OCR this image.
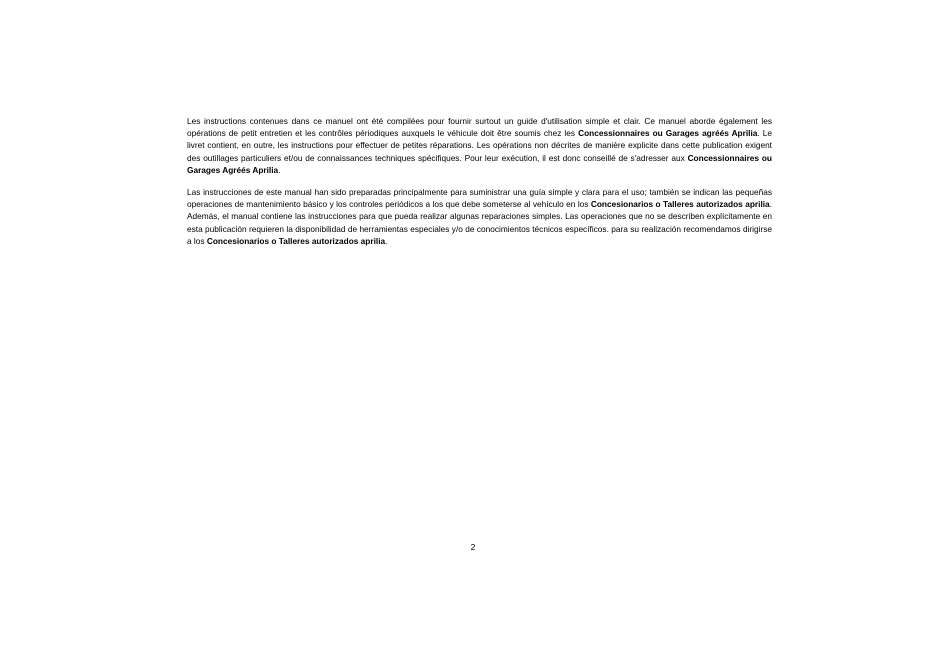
Les instructions contenues dans ce manuel ont été compilées pour fournir surtout un guide d'utilisation simple et clair. Ce manuel aborde également les opérations de petit entretien et les contrôles périodiques auxquels le véhicule doit être soumis chez les Concessionnaires ou Garages agréés Aprilia. Le livret contient, en outre, les instructions pour effectuer de petites réparations. Les opérations non décrites de manière explicite dans cette publication exigent des outillages particuliers et/ou de connaissances techniques spécifiques. Pour leur exécution, il est donc conseillé de s'adresser aux Concessionnaires ou Garages Agréés Aprilia.

Las instrucciones de este manual han sido preparadas principalmente para suministrar una guía simple y clara para el uso; también se indican las pequeñas operaciones de mantenimiento básico y los controles periódicos a los que debe someterse al vehículo en los Concesionarios o Talleres autorizados aprilia. Además, el manual contiene las instrucciones para que pueda realizar algunas reparaciones simples. Las operaciones que no se describen explícitamente en esta publicación requieren la disponibilidad de herramientas especiales y/o de conocimientos técnicos específicos. para su realización recomendamos dirigirse a los Concesionarios o Talleres autorizados aprilia.

2
